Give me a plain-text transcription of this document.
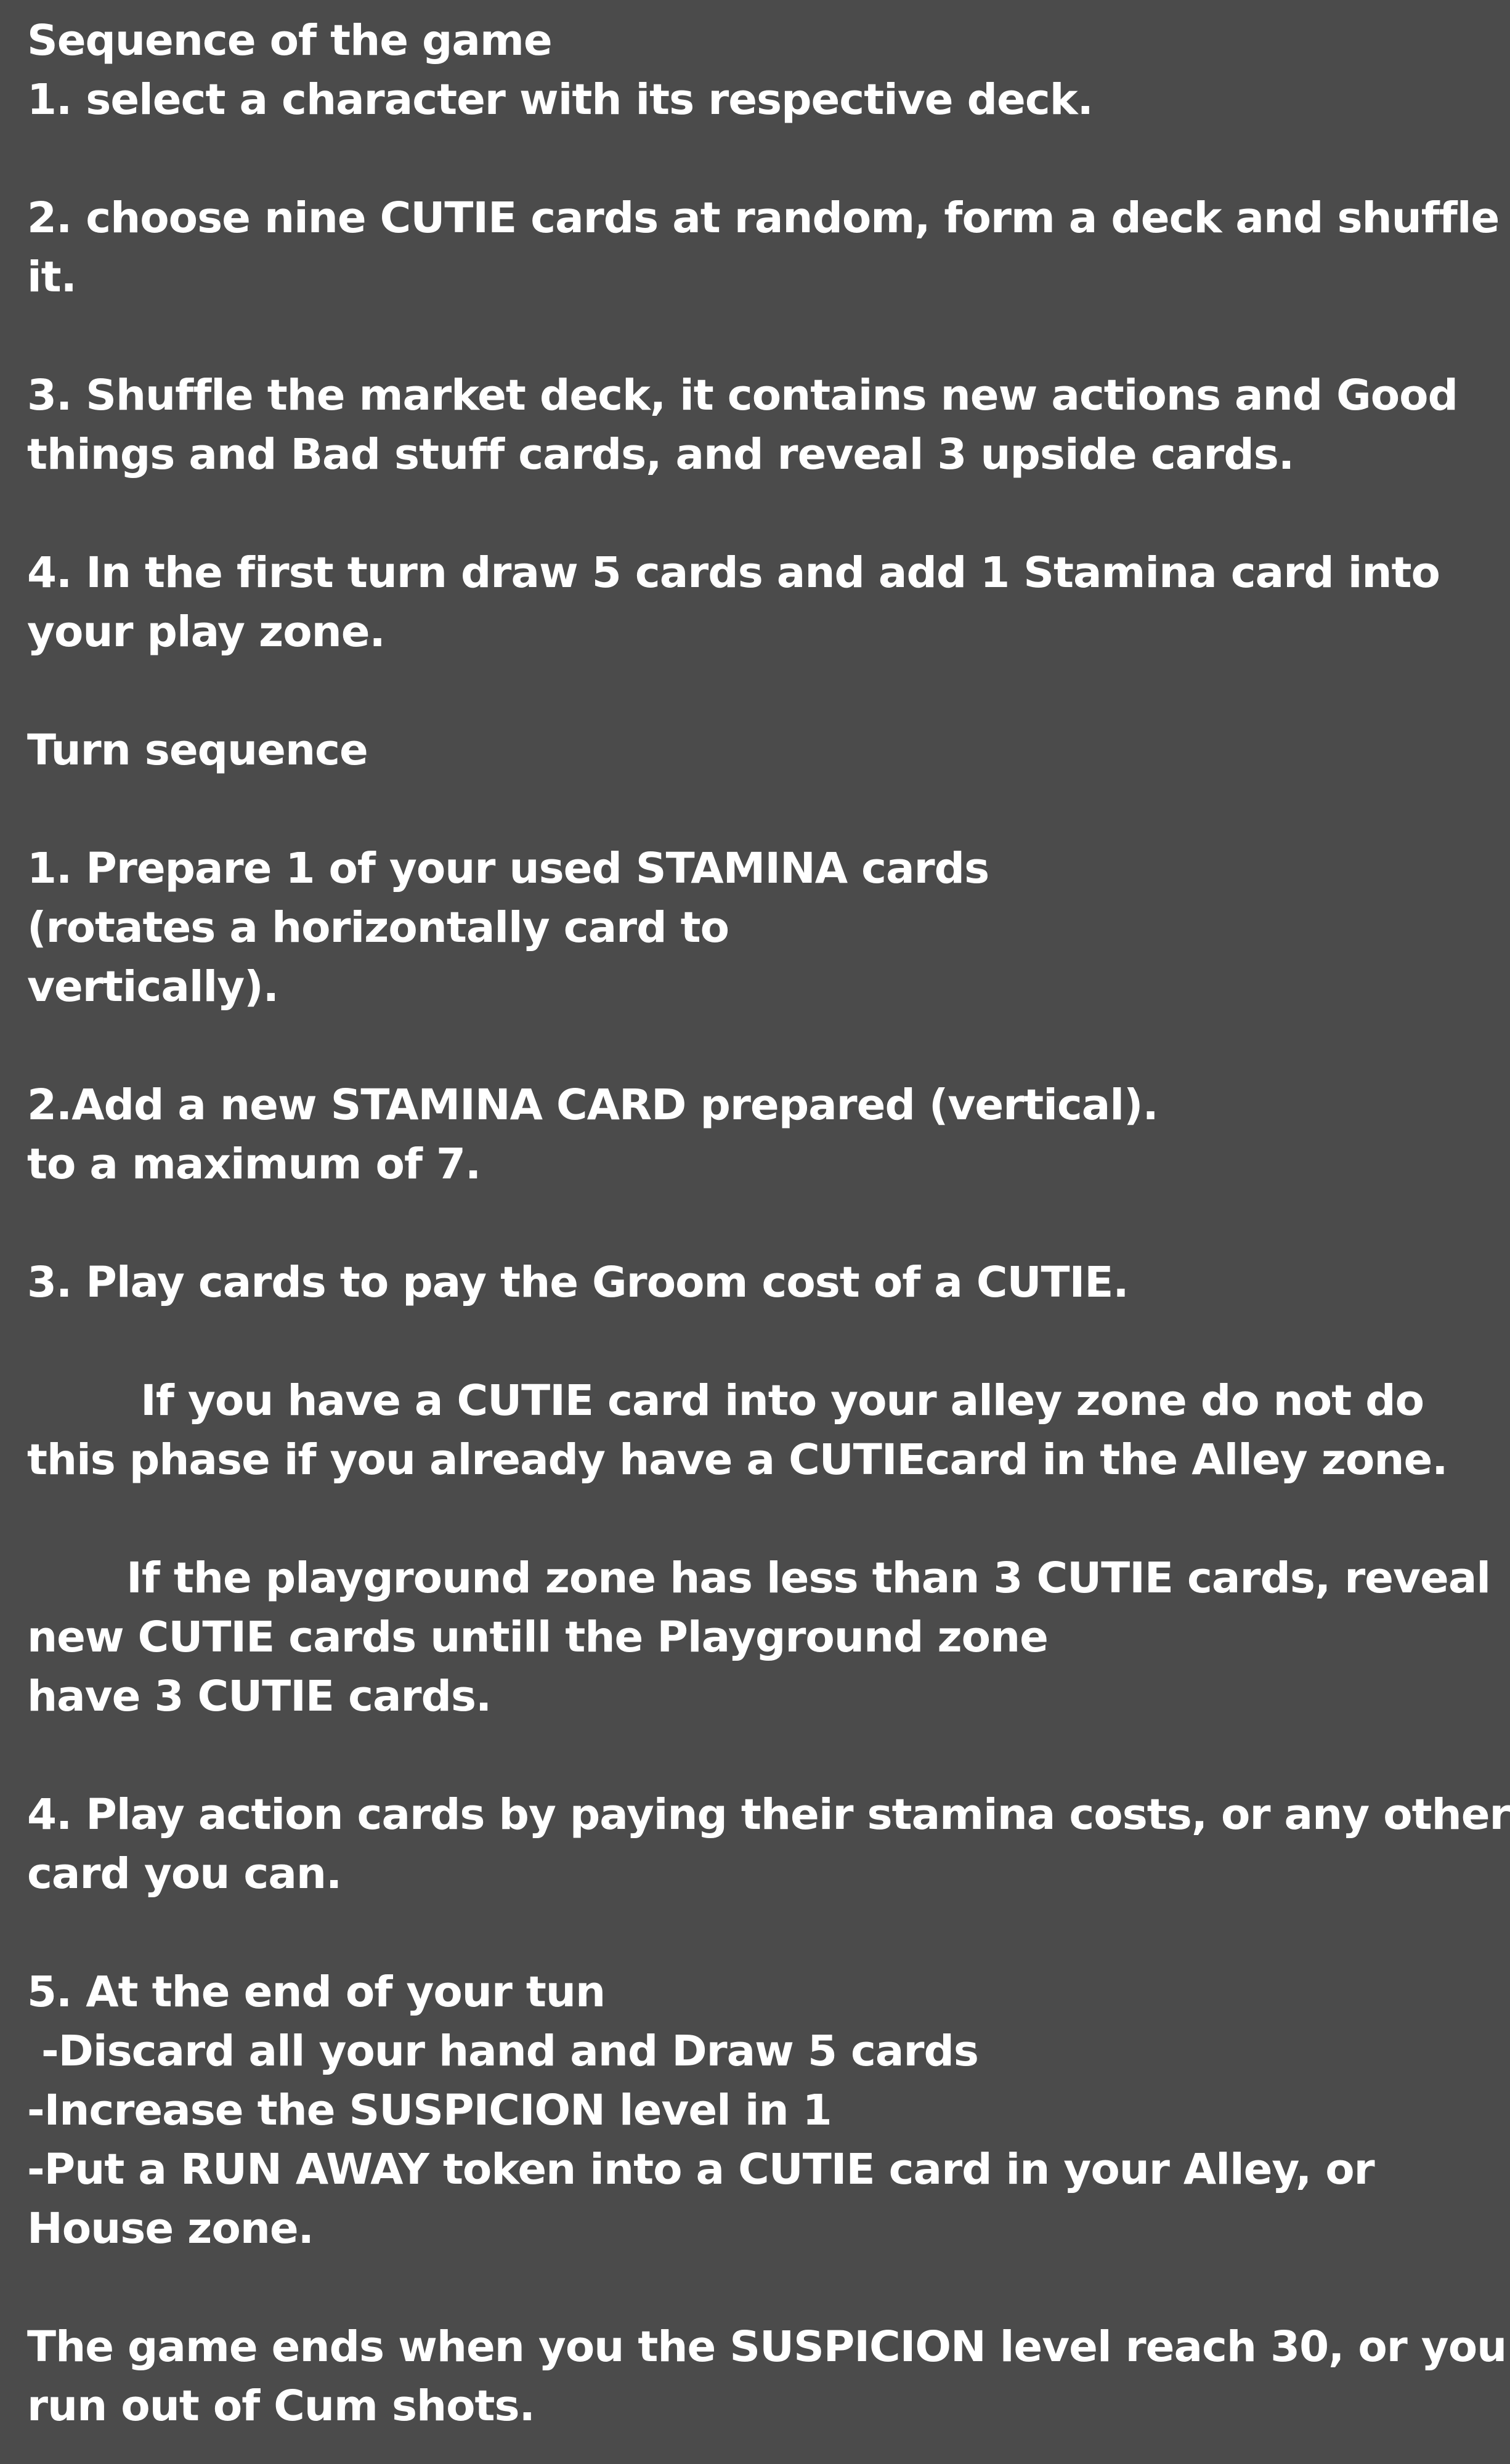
Sequence of the game
1. select a character with its respective deck.
2. choose nine CUTIE cards at random, form a deck and shuffle
it.
3. Shuffle the market deck, it contains new actions and Good
things and Bad stuff cards, and reveal 3 upside cards.
4. In the first turn draw 5 cards and add 1 Stamina card into
your play zone.
Turn sequence
1. Prepare 1 of your used STAMINA cards
(rotates a horizontally card to
vertically).
2.Add a new STAMINA CARD prepared (vertical).
to a maximum of 7.
3. Play cards to pay the Groom cost of a CUTIE.
If you have a CUTIE card into your alley zone do not do
this phase if you already have a CUTIEcard in the Alley zone.
If the playground zone has less than 3 CUTIE cards, reveal
new CUTIE cards untill the Playground zone
have 3 CUTIE cards.
4. Play action cards by paying their stamina costs, or any other
card you can.
5. At the end of your tun
-Discard all your hand and Draw 5 cards
-Increase the SUSPICION level in 1
-Put a RUN AWAY token into a CUTIE card in your Alley, or
House zone.
The game ends when you the SUSPICION level reach 30, or you
run out of Cum shots.
